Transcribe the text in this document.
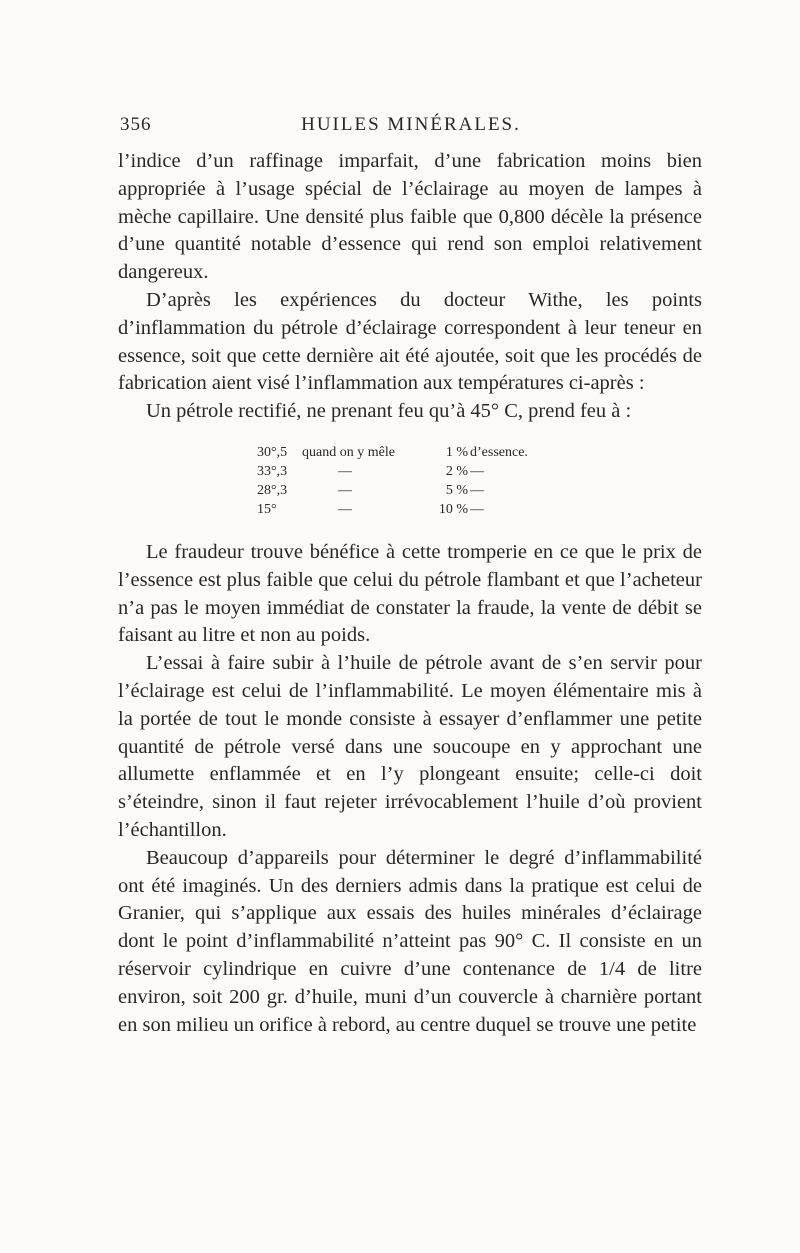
356	HUILES MINÉRALES.

l’indice d’un raffinage imparfait, d’une fabrication moins bien appropriée à l’usage spécial de l’éclairage au moyen de lampes à mèche capillaire. Une densité plus faible que 0,800 décèle la présence d’une quantité notable d’essence qui rend son emploi relativement dangereux.

D’après les expériences du docteur Withe, les points d’inflammation du pétrole d’éclairage correspondent à leur teneur en essence, soit que cette dernière ait été ajoutée, soit que les procédés de fabrication aient visé l’inflammation aux températures ci-après :

Un pétrole rectifié, ne prenant feu qu’à 45° C, prend feu à :

30°,5 quand on y mêle	1 % d’essence.
33°,3	—	2 % —
28°,3	—	5 % —
15°	—	10 % —

Le fraudeur trouve bénéfice à cette tromperie en ce que le prix de l’essence est plus faible que celui du pétrole flambant et que l’acheteur n’a pas le moyen immédiat de constater la fraude, la vente de débit se faisant au litre et non au poids.

L’essai à faire subir à l’huile de pétrole avant de s’en servir pour l’éclairage est celui de l’inflammabilité. Le moyen élémentaire mis à la portée de tout le monde consiste à essayer d’enflammer une petite quantité de pétrole versé dans une soucoupe en y approchant une allumette enflammée et en l’y plongeant ensuite; celle-ci doit s’éteindre, sinon il faut rejeter irrévocablement l’huile d’où provient l’échantillon.

Beaucoup d’appareils pour déterminer le degré d’inflammabilité ont été imaginés. Un des derniers admis dans la pratique est celui de Granier, qui s’applique aux essais des huiles minérales d’éclairage dont le point d’inflammabilité n’atteint pas 90° C. Il consiste en un réservoir cylindrique en cuivre d’une contenance de 1/4 de litre environ, soit 200 gr. d’huile, muni d’un couvercle à charnière portant en son milieu un orifice à rebord, au centre duquel se trouve une petite
